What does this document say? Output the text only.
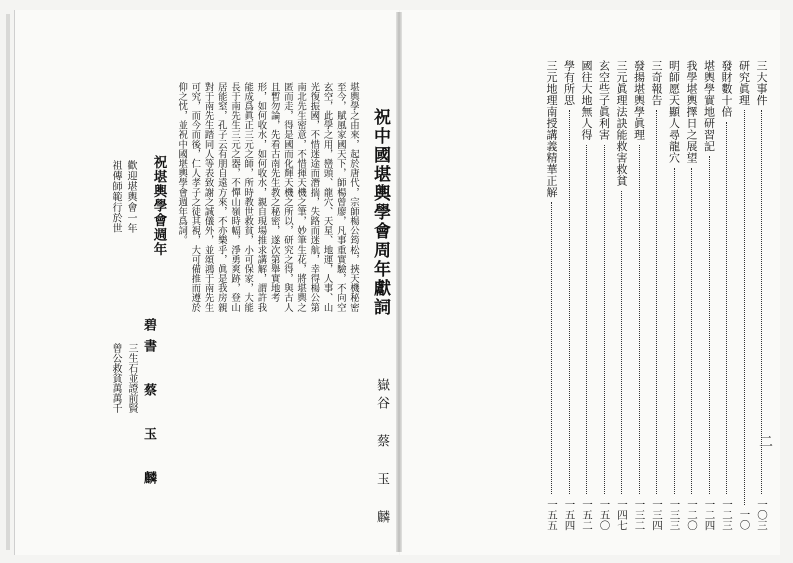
祝中國堪輿學會周年獻詞
嶽谷 蔡 玉 麟
堪輿學之由來，起於唐代，宗師楊公筠松，挾天機秘密
至今，賦風家國天下，師楊曾廖，凡事重實驗，不向空
玄空，此學之用，巒頭、龍穴、天星、地運，人事、山
光復振國，不惜迷途而潛揣，失路而迷航，幸得楊公第
南北先生密意，不惜揮天機之筆，妙筆生花，將堪輿之
匿而走，得是國而化輝天機之所以，研究之得，與古人
且暫勿論，先看古南先生教之秘密，遂次第舉實地考
形，如何收水，如何收水，親自現場推求講解，謂許我
能成爲眞正三元之師，所時教世救貧，小可保家，大能
長于南先生三元之器，不憚山嶺時幅，淨勇爽跡，登山
居能窒，孔子云有朋自遠方來，不亦樂乎，眞是我房親
對于南先生踏同人等表致謝之誠儀外，並頌鴻于南先生
可究，而今而後，仁人孝子之徒其視，大可備推而遵於
仰之忱，並祝中國堪輿學會週年爲詞。
祝堪輿學會週年
歡迎堪輿會一年
祖傳師範行於世
碧書 蔡 玉 麟
三生石並證前賢
曾公救貧萬萬千
三大事件
一〇三
研究眞理
一〇
發財數十倍
一二三
堪輿學實地研習記
一二四
我學堪輿擇日之展望
一二〇
明師愿天顯人尋龍穴
一三三
三奇報告
一三四
發揚堪輿學眞理
一三二
三元眞理法訣能救害救貧
一四七
玄空些子眞利害
一五〇
國往大地無人得
一五二
學有所思
一五四
三元地理南授講義精華正解
一五五
二
